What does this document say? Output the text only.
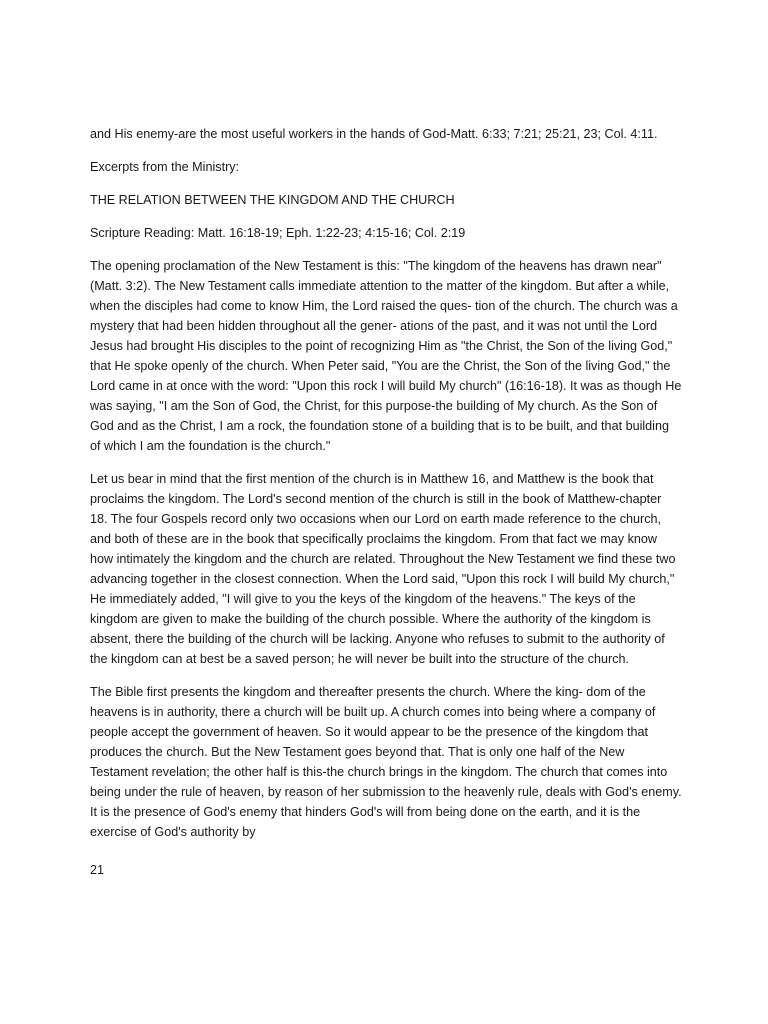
and His enemy-are the most useful workers in the hands of God-Matt. 6:33; 7:21; 25:21, 23; Col. 4:11.

Excerpts from the Ministry:

THE RELATION BETWEEN THE KINGDOM AND THE CHURCH

Scripture Reading: Matt. 16:18-19; Eph. 1:22-23; 4:15-16; Col. 2:19

The opening proclamation of the New Testament is this: "The kingdom of the heavens has drawn near" (Matt. 3:2). The New Testament calls immediate attention to the matter of the kingdom. But after a while, when the disciples had come to know Him, the Lord raised the ques- tion of the church. The church was a mystery that had been hidden throughout all the gener- ations of the past, and it was not until the Lord Jesus had brought His disciples to the point of recognizing Him as "the Christ, the Son of the living God," that He spoke openly of the church. When Peter said, "You are the Christ, the Son of the living God," the Lord came in at once with the word: "Upon this rock I will build My church" (16:16-18). It was as though He was saying, "I am the Son of God, the Christ, for this purpose-the building of My church. As the Son of God and as the Christ, I am a rock, the foundation stone of a building that is to be built, and that building of which I am the foundation is the church."

Let us bear in mind that the first mention of the church is in Matthew 16, and Matthew is the book that proclaims the kingdom. The Lord's second mention of the church is still in the book of Matthew-chapter 18. The four Gospels record only two occasions when our Lord on earth made reference to the church, and both of these are in the book that specifically proclaims the kingdom. From that fact we may know how intimately the kingdom and the church are related. Throughout the New Testament we find these two advancing together in the closest connection. When the Lord said, "Upon this rock I will build My church," He immediately added, "I will give to you the keys of the kingdom of the heavens." The keys of the kingdom are given to make the building of the church possible. Where the authority of the kingdom is absent, there the building of the church will be lacking. Anyone who refuses to submit to the authority of the kingdom can at best be a saved person; he will never be built into the structure of the church.

The Bible first presents the kingdom and thereafter presents the church. Where the king- dom of the heavens is in authority, there a church will be built up. A church comes into being where a company of people accept the government of heaven. So it would appear to be the presence of the kingdom that produces the church. But the New Testament goes beyond that. That is only one half of the New Testament revelation; the other half is this-the church brings in the kingdom. The church that comes into being under the rule of heaven, by reason of her submission to the heavenly rule, deals with God's enemy. It is the presence of God's enemy that hinders God's will from being done on the earth, and it is the exercise of God's authority by

21
